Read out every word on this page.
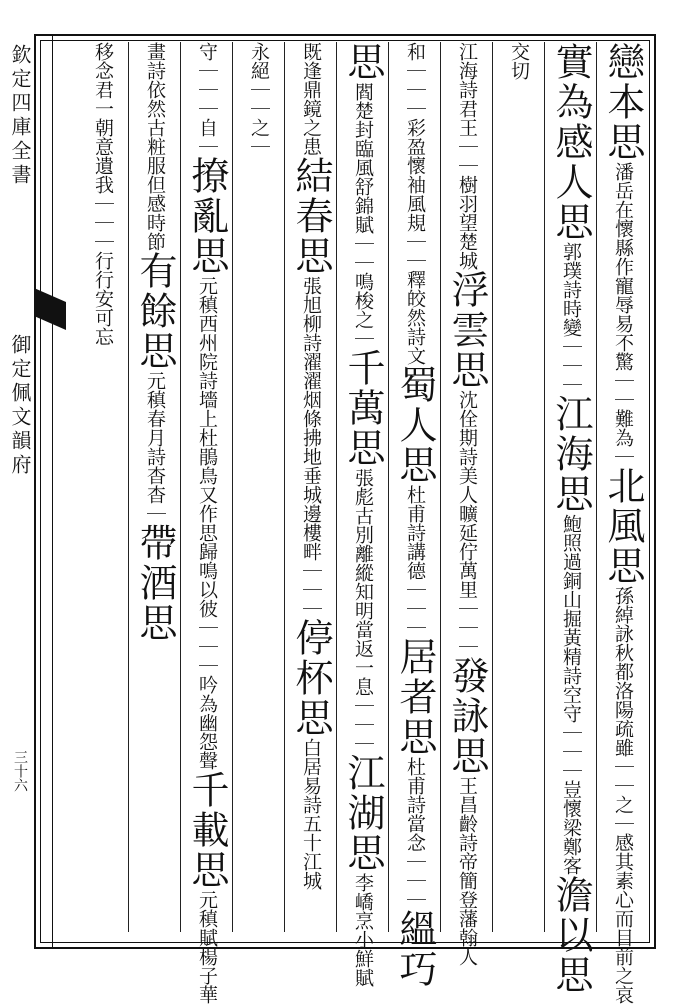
欽定四庫全書
御定佩文韻府
三十六
戀本思潘岳在懷縣作寵辱易不驚｜｜難為｜北風思孫綽詠秋都洛陽疏雖｜｜之｜感其素心而目前之哀
實為感人思郭璞詩時變｜｜｜江海思鮑照過銅山掘黃精詩空守｜｜｜豈懷梁鄭客澹以思
交切
江海詩君王｜｜樹羽望楚城浮雲思沈佺期詩美人曠延佇萬里｜｜｜發詠思王昌齡詩帝簡登藩翰人
和｜｜｜彩盈懷袖風規｜｜釋皎然詩文蜀人思杜甫詩講德｜｜｜居者思杜甫詩當念｜｜｜縕巧
思閻楚封臨風舒錦賦｜｜鳴梭之｜千萬思張彪古別離縱知明當返一息｜｜｜江湖思李嶠烹小鮮賦
既逢鼎鏡之患結春思張旭柳詩濯濯烟條拂地垂城邊樓畔｜｜｜停杯思白居易詩五十江城
永絕｜｜之｜
守｜｜｜自｜撩亂思元稹西州院詩墻上杜鵑鳥又作思歸鳴以彼｜｜｜吟為幽怨聲千載思元稹賦楊子華
畫詩依然古粧服但感時節有餘思元稹春月詩杳杳｜帶酒思
移念君一朝意遺我｜｜｜行行安可忘
